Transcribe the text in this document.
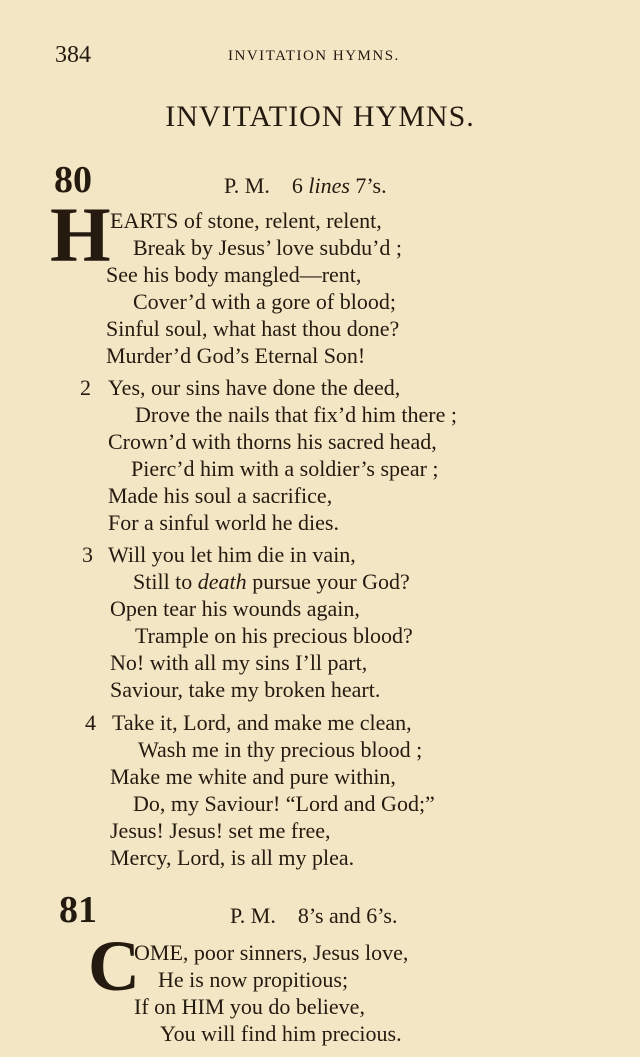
384	INVITATION HYMNS.
INVITATION HYMNS.
80	P. M. 6 lines 7’s.
H EARTS of stone, relent, relent,
Break by Jesus’ love subdu’d ;
See his body mangled—rent,
Cover’d with a gore of blood;
Sinful soul, what hast thou done?
Murder’d God’s Eternal Son!
2 Yes, our sins have done the deed,
Drove the nails that fix’d him there ;
Crown’d with thorns his sacred head,
Pierc’d him with a soldier’s spear ;
Made his soul a sacrifice,
For a sinful world he dies.
3 Will you let him die in vain,
Still to death pursue your God?
Open tear his wounds again,
Trample on his precious blood?
No! with all my sins I’ll part,
Saviour, take my broken heart.
4 Take it, Lord, and make me clean,
Wash me in thy precious blood ;
Make me white and pure within,
Do, my Saviour! “Lord and God;”
Jesus! Jesus! set me free,
Mercy, Lord, is all my plea.
81	P. M. 8’s and 6’s.
C
OME, poor sinners, Jesus love,
He is now propitious;
If on HIM you do believe,
You will find him precious.
